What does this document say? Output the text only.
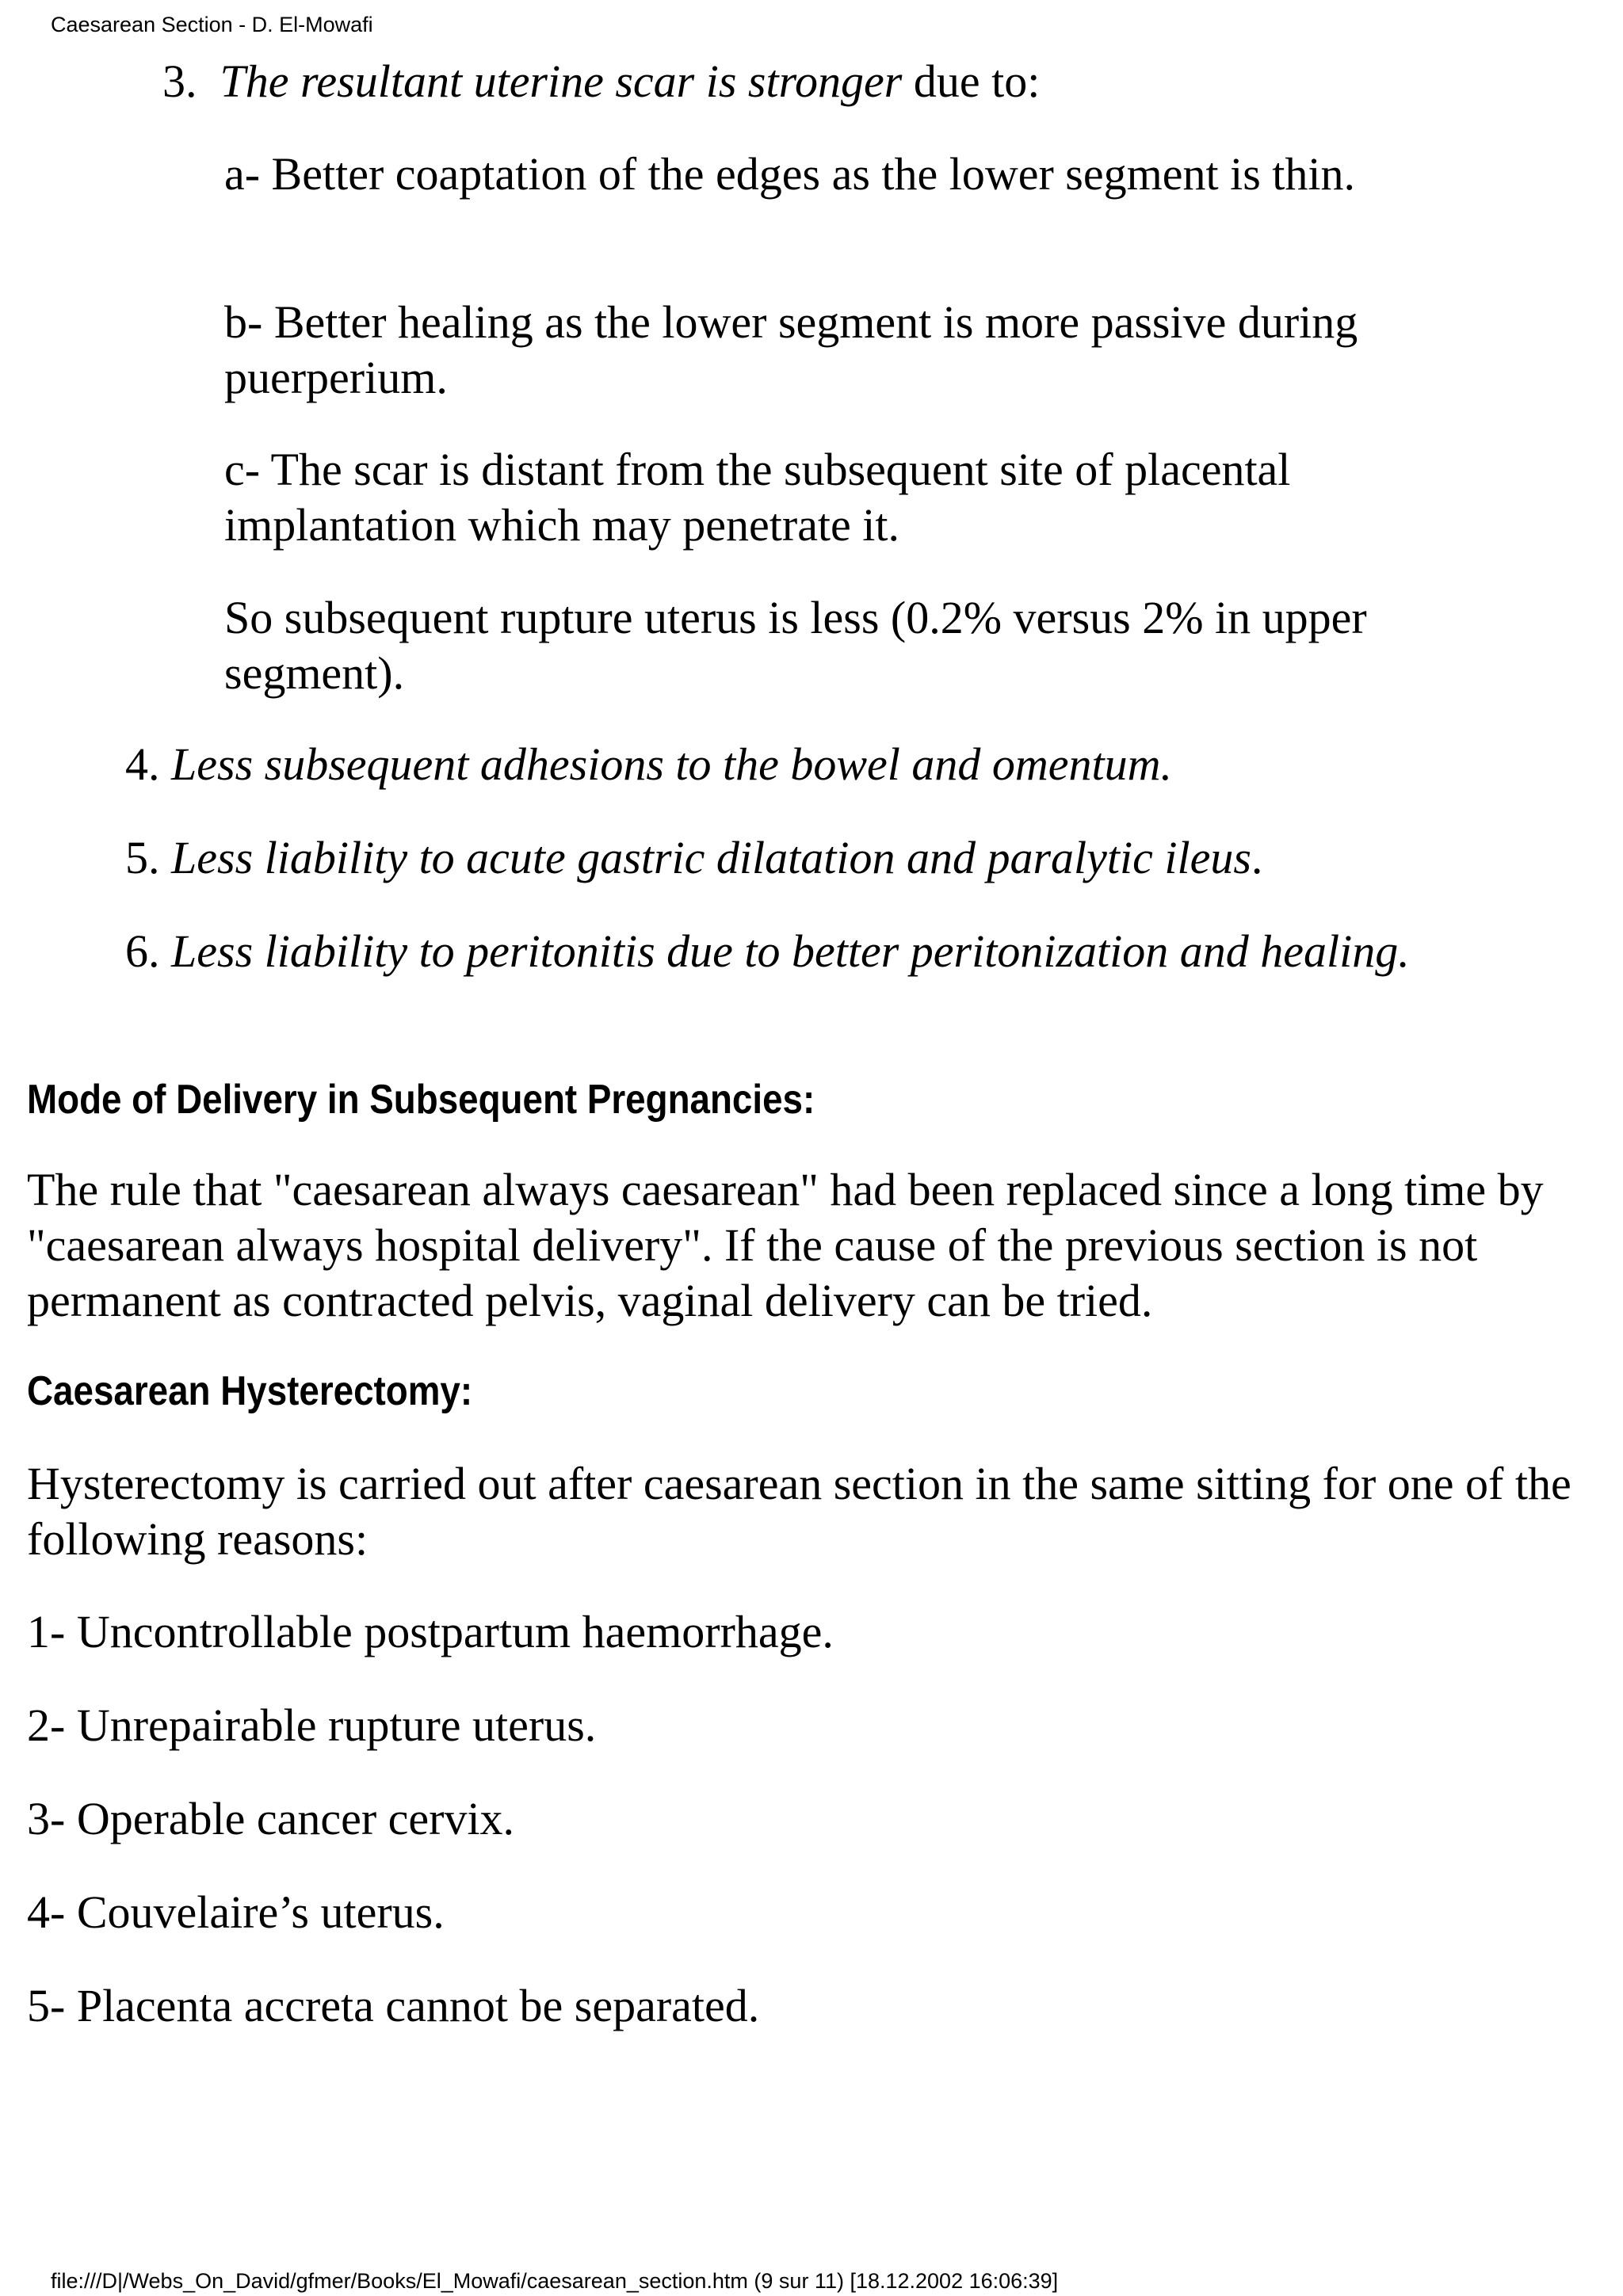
Caesarean Section - D. El-Mowafi

3. The resultant uterine scar is stronger due to:

a- Better coaptation of the edges as the lower segment is thin.

b- Better healing as the lower segment is more passive during puerperium.

c- The scar is distant from the subsequent site of placental implantation which may penetrate it.

So subsequent rupture uterus is less (0.2% versus 2% in upper segment).

4. Less subsequent adhesions to the bowel and omentum.

5. Less liability to acute gastric dilatation and paralytic ileus.

6. Less liability to peritonitis due to better peritonization and healing.

Mode of Delivery in Subsequent Pregnancies:

The rule that "caesarean always caesarean" had been replaced since a long time by "caesarean always hospital delivery". If the cause of the previous section is not permanent as contracted pelvis, vaginal delivery can be tried.

Caesarean Hysterectomy:

Hysterectomy is carried out after caesarean section in the same sitting for one of the following reasons:

1- Uncontrollable postpartum haemorrhage.

2- Unrepairable rupture uterus.

3- Operable cancer cervix.

4- Couvelaire’s uterus.

5- Placenta accreta cannot be separated.

file:///D|/Webs_On_David/gfmer/Books/El_Mowafi/caesarean_section.htm (9 sur 11) [18.12.2002 16:06:39]
